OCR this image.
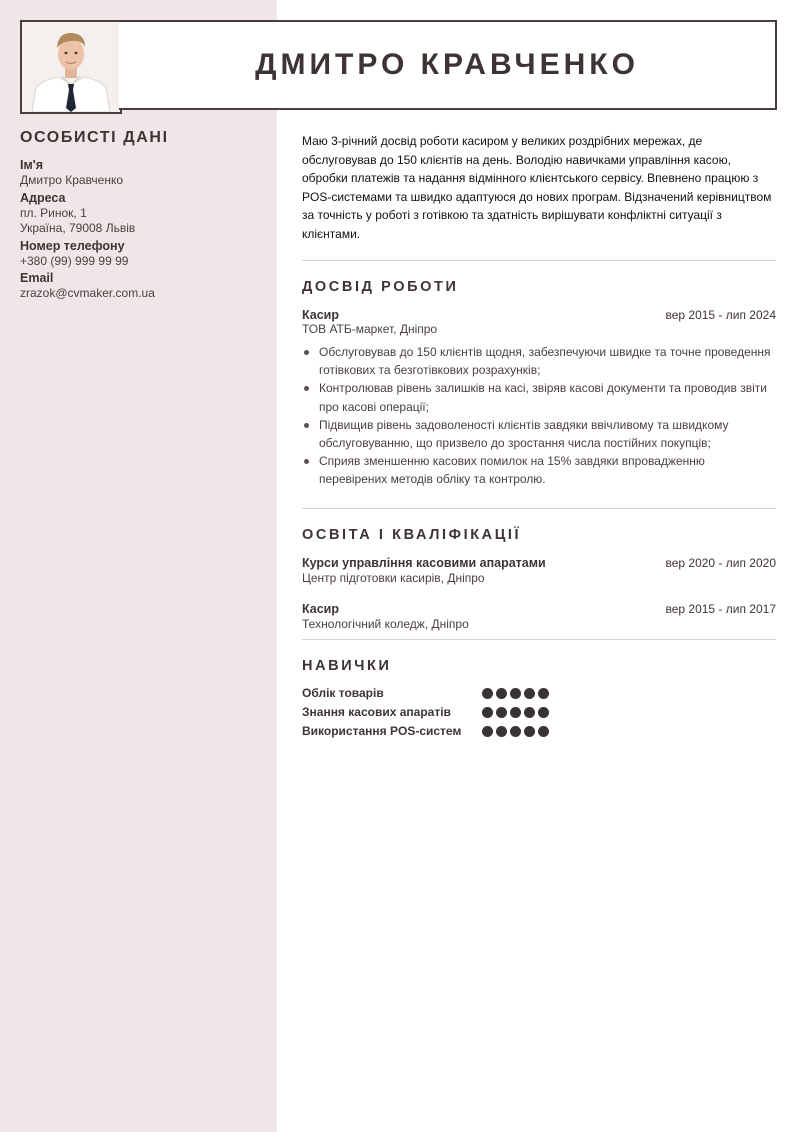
ДМИТРО КРАВЧЕНКО
ОСОБИСТІ ДАНІ
Ім'я
Дмитро Кравченко
Адреса
пл. Ринок, 1
Україна, 79008 Львів
Номер телефону
+380 (99) 999 99 99
Email
zrazok@cvmaker.com.ua
Маю 3-річний досвід роботи касиром у великих роздрібних мережах, де обслуговував до 150 клієнтів на день. Володію навичками управління касою, обробки платежів та надання відмінного клієнтського сервісу. Впевнено працюю з POS-системами та швидко адаптуюся до нових програм. Відзначений керівництвом за точність у роботі з готівкою та здатність вирішувати конфліктні ситуації з клієнтами.
ДОСВІД РОБОТИ
Касир	вер 2015 - лип 2024
ТОВ АТБ-маркет, Дніпро
Обслуговував до 150 клієнтів щодня, забезпечуючи швидке та точне проведення готівкових та безготівкових розрахунків;
Контролював рівень залишків на касі, звіряв касові документи та проводив звіти про касові операції;
Підвищив рівень задоволеності клієнтів завдяки ввічливому та швидкому обслуговуванню, що призвело до зростання числа постійних покупців;
Сприяв зменшенню касових помилок на 15% завдяки впровадженню перевірених методів обліку та контролю.
ОСВІТА І КВАЛІФІКАЦІЇ
Курси управління касовими апаратами	вер 2020 - лип 2020
Центр підготовки касирів, Дніпро
Касир	вер 2015 - лип 2017
Технологічний коледж, Дніпро
НАВИЧКИ
Облік товарів
Знання касових апаратів
Використання POS-систем
